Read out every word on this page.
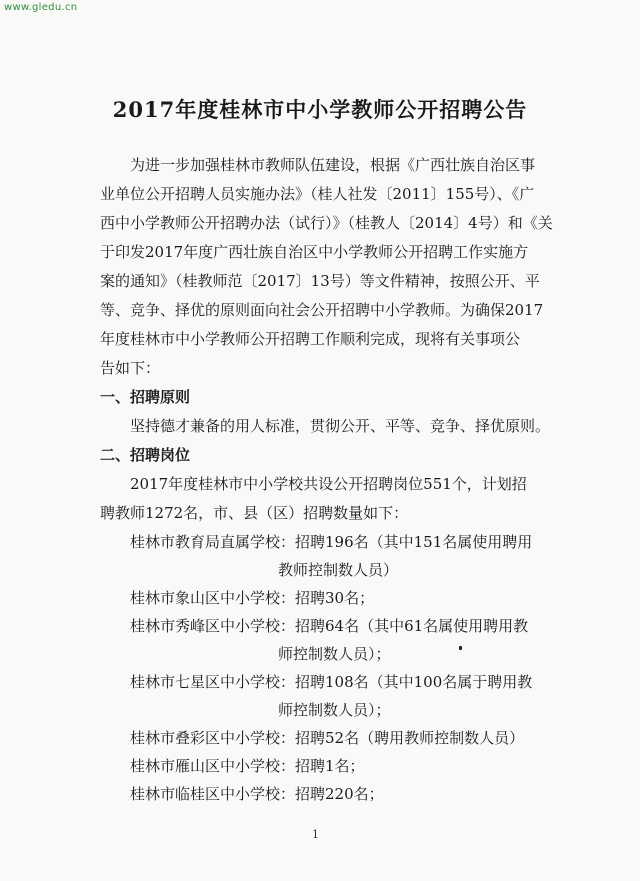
www.gledu.cn
2017年度桂林市中小学教师公开招聘公告
为进一步加强桂林市教师队伍建设，根据《广西壮族自治区事
业单位公开招聘人员实施办法》（桂人社发〔2011〕155号）、《广
西中小学教师公开招聘办法（试行）》（桂教人〔2014〕4号）和《关
于印发2017年度广西壮族自治区中小学教师公开招聘工作实施方
案的通知》（桂教师范〔2017〕13号）等文件精神，按照公开、平
等、竞争、择优的原则面向社会公开招聘中小学教师。为确保2017
年度桂林市中小学教师公开招聘工作顺利完成，现将有关事项公
告如下：
一、招聘原则
坚持德才兼备的用人标准，贯彻公开、平等、竞争、择优原则。
二、招聘岗位
2017年度桂林市中小学校共设公开招聘岗位551个，计划招
聘教师1272名，市、县（区）招聘数量如下：
桂林市教育局直属学校：招聘196名（其中151名属使用聘用
教师控制数人员）
桂林市象山区中小学校：招聘30名；
桂林市秀峰区中小学校：招聘64名（其中61名属使用聘用教
师控制数人员）；
桂林市七星区中小学校：招聘108名（其中100名属于聘用教
师控制数人员）；
桂林市叠彩区中小学校：招聘52名（聘用教师控制数人员）
桂林市雁山区中小学校：招聘1名；
桂林市临桂区中小学校：招聘220名；
1
